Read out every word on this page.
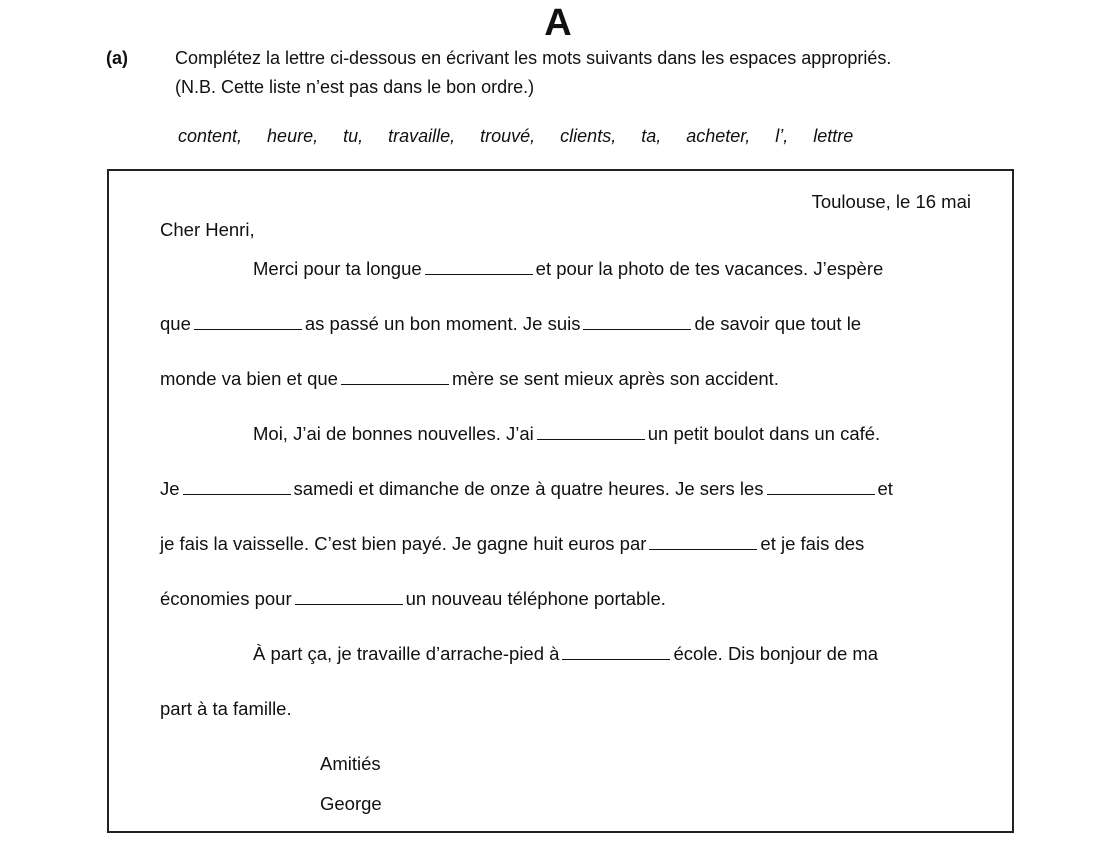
A
(a)	Complétez la lettre ci-dessous en écrivant les mots suivants dans les espaces appropriés.
(N.B. Cette liste n’est pas dans le bon ordre.)
content, heure, tu, travaille, trouvé, clients, ta, acheter, l’, lettre
Toulouse, le 16 mai
Cher Henri,
Merci pour ta longue	et pour la photo de tes vacances. J’espère
que	as passé un bon moment. Je suis	de savoir que tout le
monde va bien et que	mère se sent mieux après son accident.
Moi, J’ai de bonnes nouvelles. J’ai	un petit boulot dans un café.
Je	samedi et dimanche de onze à quatre heures. Je sers les	et
je fais la vaisselle. C’est bien payé. Je gagne huit euros par	et je fais des
économies pour	un nouveau téléphone portable.
À part ça, je travaille d’arrache-pied à	école. Dis bonjour de ma
part à ta famille.
Amitiés
George
